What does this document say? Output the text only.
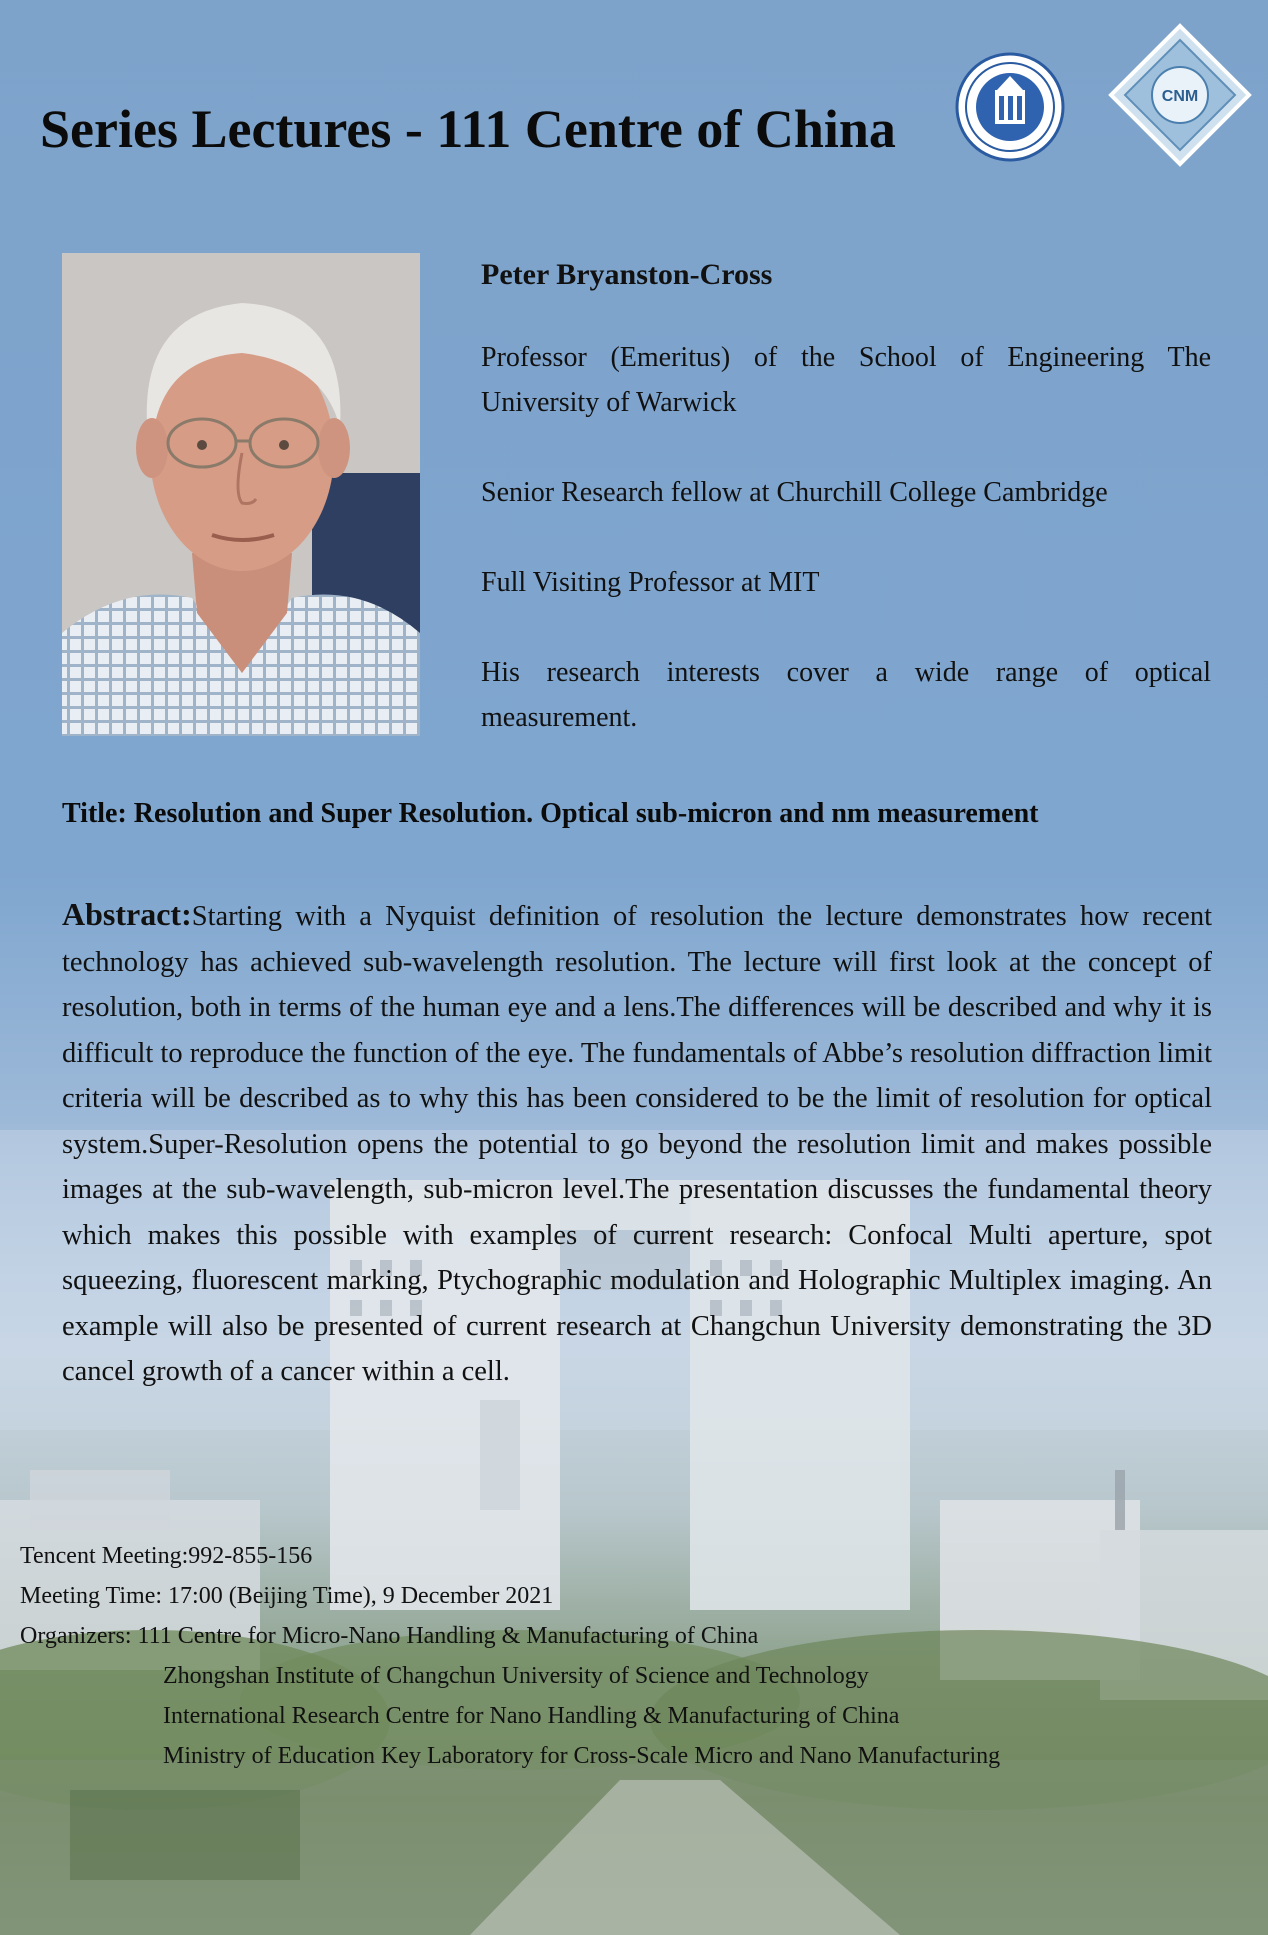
Series Lectures - 111 Centre of China
CNM

Peter Bryanston-Cross

Professor (Emeritus) of the School of Engineering The University of Warwick

Senior Research fellow at Churchill College Cambridge

Full Visiting Professor at MIT

His research interests cover a wide range of optical measurement.

Title: Resolution and Super Resolution. Optical sub-micron and nm measurement
Abstract:Starting with a Nyquist definition of resolution the lecture demonstrates how recent technology has achieved sub-wavelength resolution. The lecture will first look at the concept of resolution, both in terms of the human eye and a lens.The differences will be described and why it is difficult to reproduce the function of the eye. The fundamentals of Abbe’s resolution diffraction limit criteria will be described as to why this has been considered to be the limit of resolution for optical system.Super-Resolution opens the potential to go beyond the resolution limit and makes possible images at the sub-wavelength, sub-micron level.The presentation discusses the fundamental theory which makes this possible with examples of current research: Confocal Multi aperture, spot squeezing, fluorescent marking, Ptychographic modulation and Holographic Multiplex imaging. An example will also be presented of current research at Changchun University demonstrating the 3D cancel growth of a cancer within a cell.
Tencent Meeting:992-855-156
Meeting Time: 17:00 (Beijing Time), 9 December 2021
Organizers: 111 Centre for Micro-Nano Handling & Manufacturing of China
Zhongshan Institute of Changchun University of Science and Technology
International Research Centre for Nano Handling & Manufacturing of China
Ministry of Education Key Laboratory for Cross-Scale Micro and Nano Manufacturing
